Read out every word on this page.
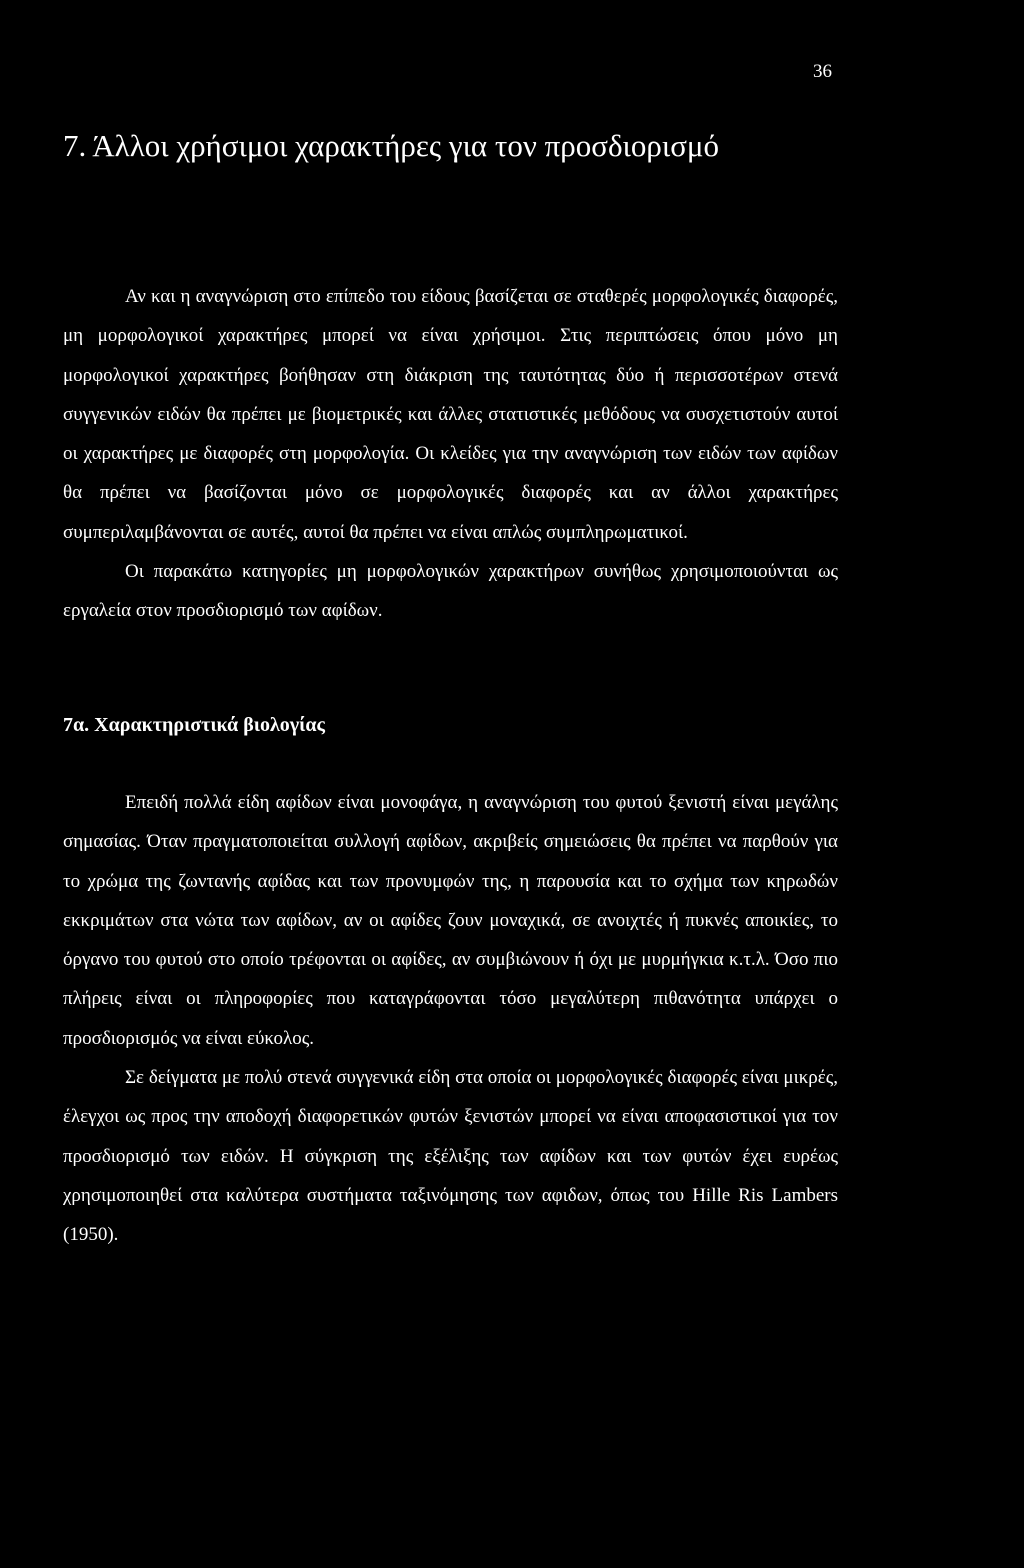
36
7. Άλλοι χρήσιμοι χαρακτήρες για τον προσδιορισμό

Αν και η αναγνώριση στο επίπεδο του είδους βασίζεται σε σταθερές μορφολογικές διαφορές, μη μορφολογικοί χαρακτήρες μπορεί να είναι χρήσιμοι. Στις περιπτώσεις όπου μόνο μη μορφολογικοί χαρακτήρες βοήθησαν στη διάκριση της ταυτότητας δύο ή περισσοτέρων στενά συγγενικών ειδών θα πρέπει με βιομετρικές και άλλες στατιστικές μεθόδους να συσχετιστούν αυτοί οι χαρακτήρες με διαφορές στη μορφολογία. Οι κλείδες για την αναγνώριση των ειδών των αφίδων θα πρέπει να βασίζονται μόνο σε μορφολογικές διαφορές και αν άλλοι χαρακτήρες συμπεριλαμβάνονται σε αυτές, αυτοί θα πρέπει να είναι απλώς συμπληρωματικοί.

Οι παρακάτω κατηγορίες μη μορφολογικών χαρακτήρων συνήθως χρησιμοποιούνται ως εργαλεία στον προσδιορισμό των αφίδων.

7α. Χαρακτηριστικά βιολογίας

Επειδή πολλά είδη αφίδων είναι μονοφάγα, η αναγνώριση του φυτού ξενιστή είναι μεγάλης σημασίας. Όταν πραγματοποιείται συλλογή αφίδων, ακριβείς σημειώσεις θα πρέπει να παρθούν για το χρώμα της ζωντανής αφίδας και των προνυμφών της, η παρουσία και το σχήμα των κηρωδών εκκριμάτων στα νώτα των αφίδων, αν οι αφίδες ζουν μοναχικά, σε ανοιχτές ή πυκνές αποικίες, το όργανο του φυτού στο οποίο τρέφονται οι αφίδες, αν συμβιώνουν ή όχι με μυρμήγκια κ.τ.λ. Όσο πιο πλήρεις είναι οι πληροφορίες που καταγράφονται τόσο μεγαλύτερη πιθανότητα υπάρχει ο προσδιορισμός να είναι εύκολος.

Σε δείγματα με πολύ στενά συγγενικά είδη στα οποία οι μορφολογικές διαφορές είναι μικρές, έλεγχοι ως προς την αποδοχή διαφορετικών φυτών ξενιστών μπορεί να είναι αποφασιστικοί για τον προσδιορισμό των ειδών. Η σύγκριση της εξέλιξης των αφίδων και των φυτών έχει ευρέως χρησιμοποιηθεί στα καλύτερα συστήματα ταξινόμησης των αφιδων, όπως του Hille Ris Lambers (1950).
